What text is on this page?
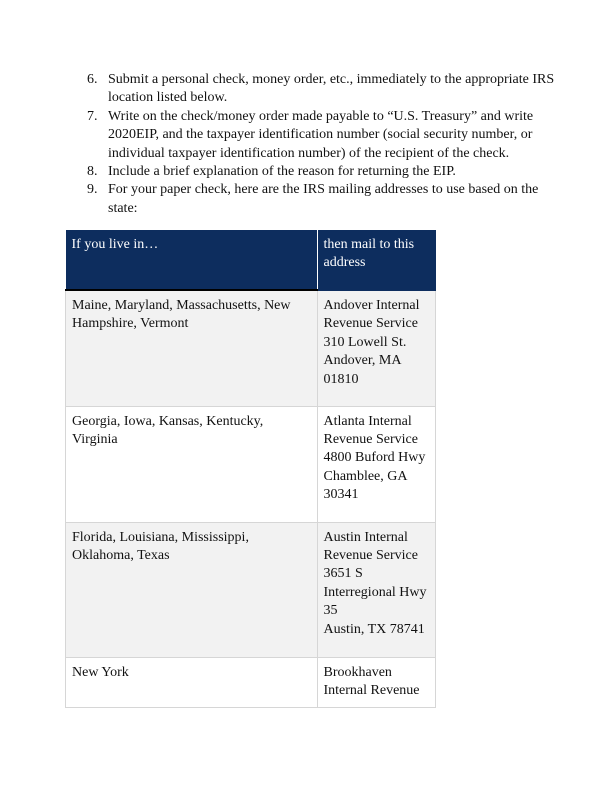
6. Submit a personal check, money order, etc., immediately to the appropriate IRS location listed below.
7. Write on the check/money order made payable to “U.S. Treasury” and write 2020EIP, and the taxpayer identification number (social security number, or individual taxpayer identification number) of the recipient of the check.
8. Include a brief explanation of the reason for returning the EIP.
9. For your paper check, here are the IRS mailing addresses to use based on the state:
If you live in…	then mail to this address
Maine, Maryland, Massachusetts, New Hampshire, Vermont	Andover Internal Revenue Service
310 Lowell St.
Andover, MA 01810

Georgia, Iowa, Kansas, Kentucky, Virginia	Atlanta Internal Revenue Service
4800 Buford Hwy
Chamblee, GA 30341

Florida, Louisiana, Mississippi, Oklahoma, Texas	Austin Internal Revenue Service
3651 S Interregional Hwy 35
Austin, TX 78741

New York	Brookhaven Internal Revenue
